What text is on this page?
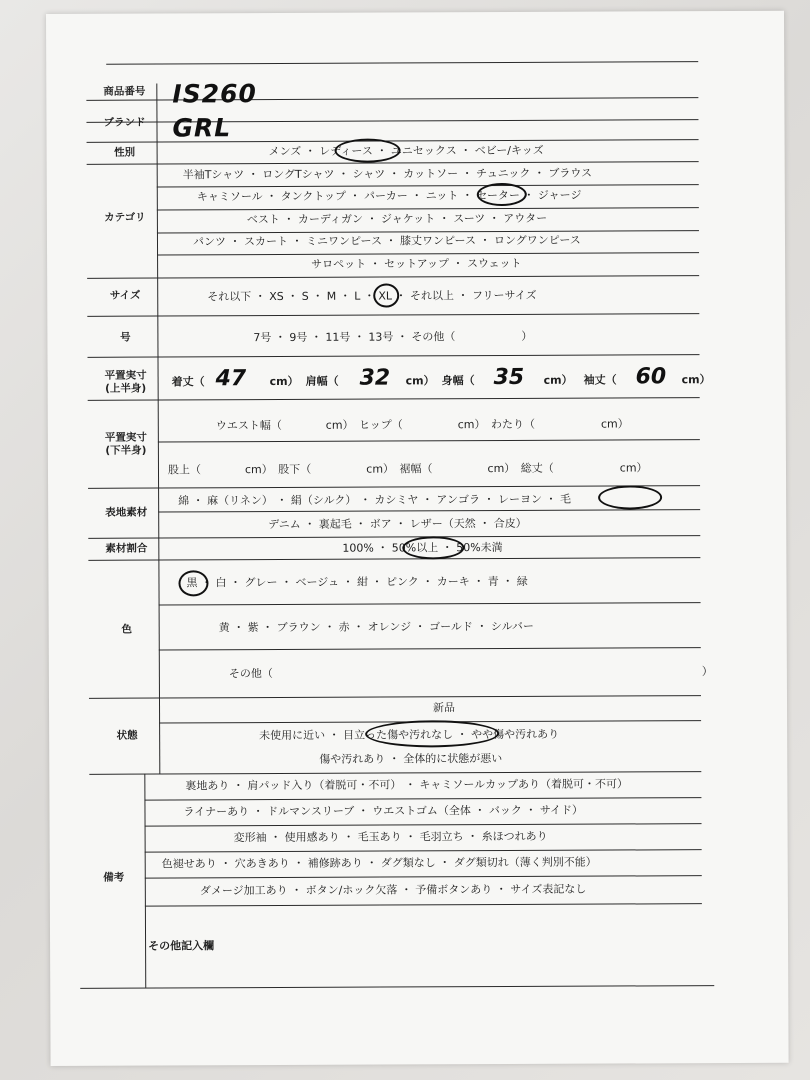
商品番号
ブランド
性別
カテゴリ
サイズ
号
平置実寸
(上半身)
平置実寸
(下半身)
表地素材
素材割合
色
状態
備考
IS260
GRL
メンズ ・ レディース ・ ユニセックス ・ ベビー/キッズ
半袖Tシャツ ・ ロングTシャツ ・ シャツ ・ カットソー ・ チュニック ・ ブラウス
キャミソール ・ タンクトップ ・ パーカー ・ ニット ・ セーター ・ ジャージ
ベスト ・ カーディガン ・ ジャケット ・ スーツ ・ アウター
パンツ ・ スカート ・ ミニワンピース ・ 膝丈ワンピース ・ ロングワンピース
サロペット ・ セットアップ ・ スウェット
それ以下 ・ XS ・ S ・ M ・ L ・ XL ・ それ以上 ・ フリーサイズ
7号 ・ 9号 ・ 11号 ・ 13号 ・ その他（　　　　　　）
着丈（ 47 cm） 肩幅（ 32 cm） 身幅（ 35 cm） 袖丈（ 60 cm）
ウエスト幅（　　　　cm）　ヒップ（　　　　　cm）　わたり（　　　　　　cm）
股上（　　　　cm）　股下（　　　　　cm）　裾幅（　　　　　cm）　総丈（　　　　　　cm）
綿 ・ 麻（リネン） ・ 絹（シルク） ・ カシミヤ ・ アンゴラ ・ レーヨン ・ 毛
デニム ・ 裏起毛 ・ ボア ・ レザー（天然 ・ 合皮）
100% ・ 50%以上 ・ 50%未満
黒 ・ 白 ・ グレー ・ ベージュ ・ 紺 ・ ピンク ・ カーキ ・ 青 ・ 緑
黄 ・ 紫 ・ ブラウン ・ 赤 ・ オレンジ ・ ゴールド ・ シルバー
その他（　　　　　　　　　　　　　　　　　　　　　　　　　　　　　　　　　　　　　　　）
新品
未使用に近い ・ 目立った傷や汚れなし ・ やや傷や汚れあり
傷や汚れあり ・ 全体的に状態が悪い
裏地あり ・ 肩パッド入り（着脱可・不可） ・ キャミソールカップあり（着脱可・不可）
ライナーあり ・ ドルマンスリーブ ・ ウエストゴム（全体 ・ バック ・ サイド）
変形袖 ・ 使用感あり ・ 毛玉あり ・ 毛羽立ち ・ 糸ほつれあり
色褪せあり ・ 穴あきあり ・ 補修跡あり ・ ダグ類なし ・ ダグ類切れ（薄く判別不能）
ダメージ加工あり ・ ボタン/ホック欠落 ・ 予備ボタンあり ・ サイズ表記なし
その他記入欄
